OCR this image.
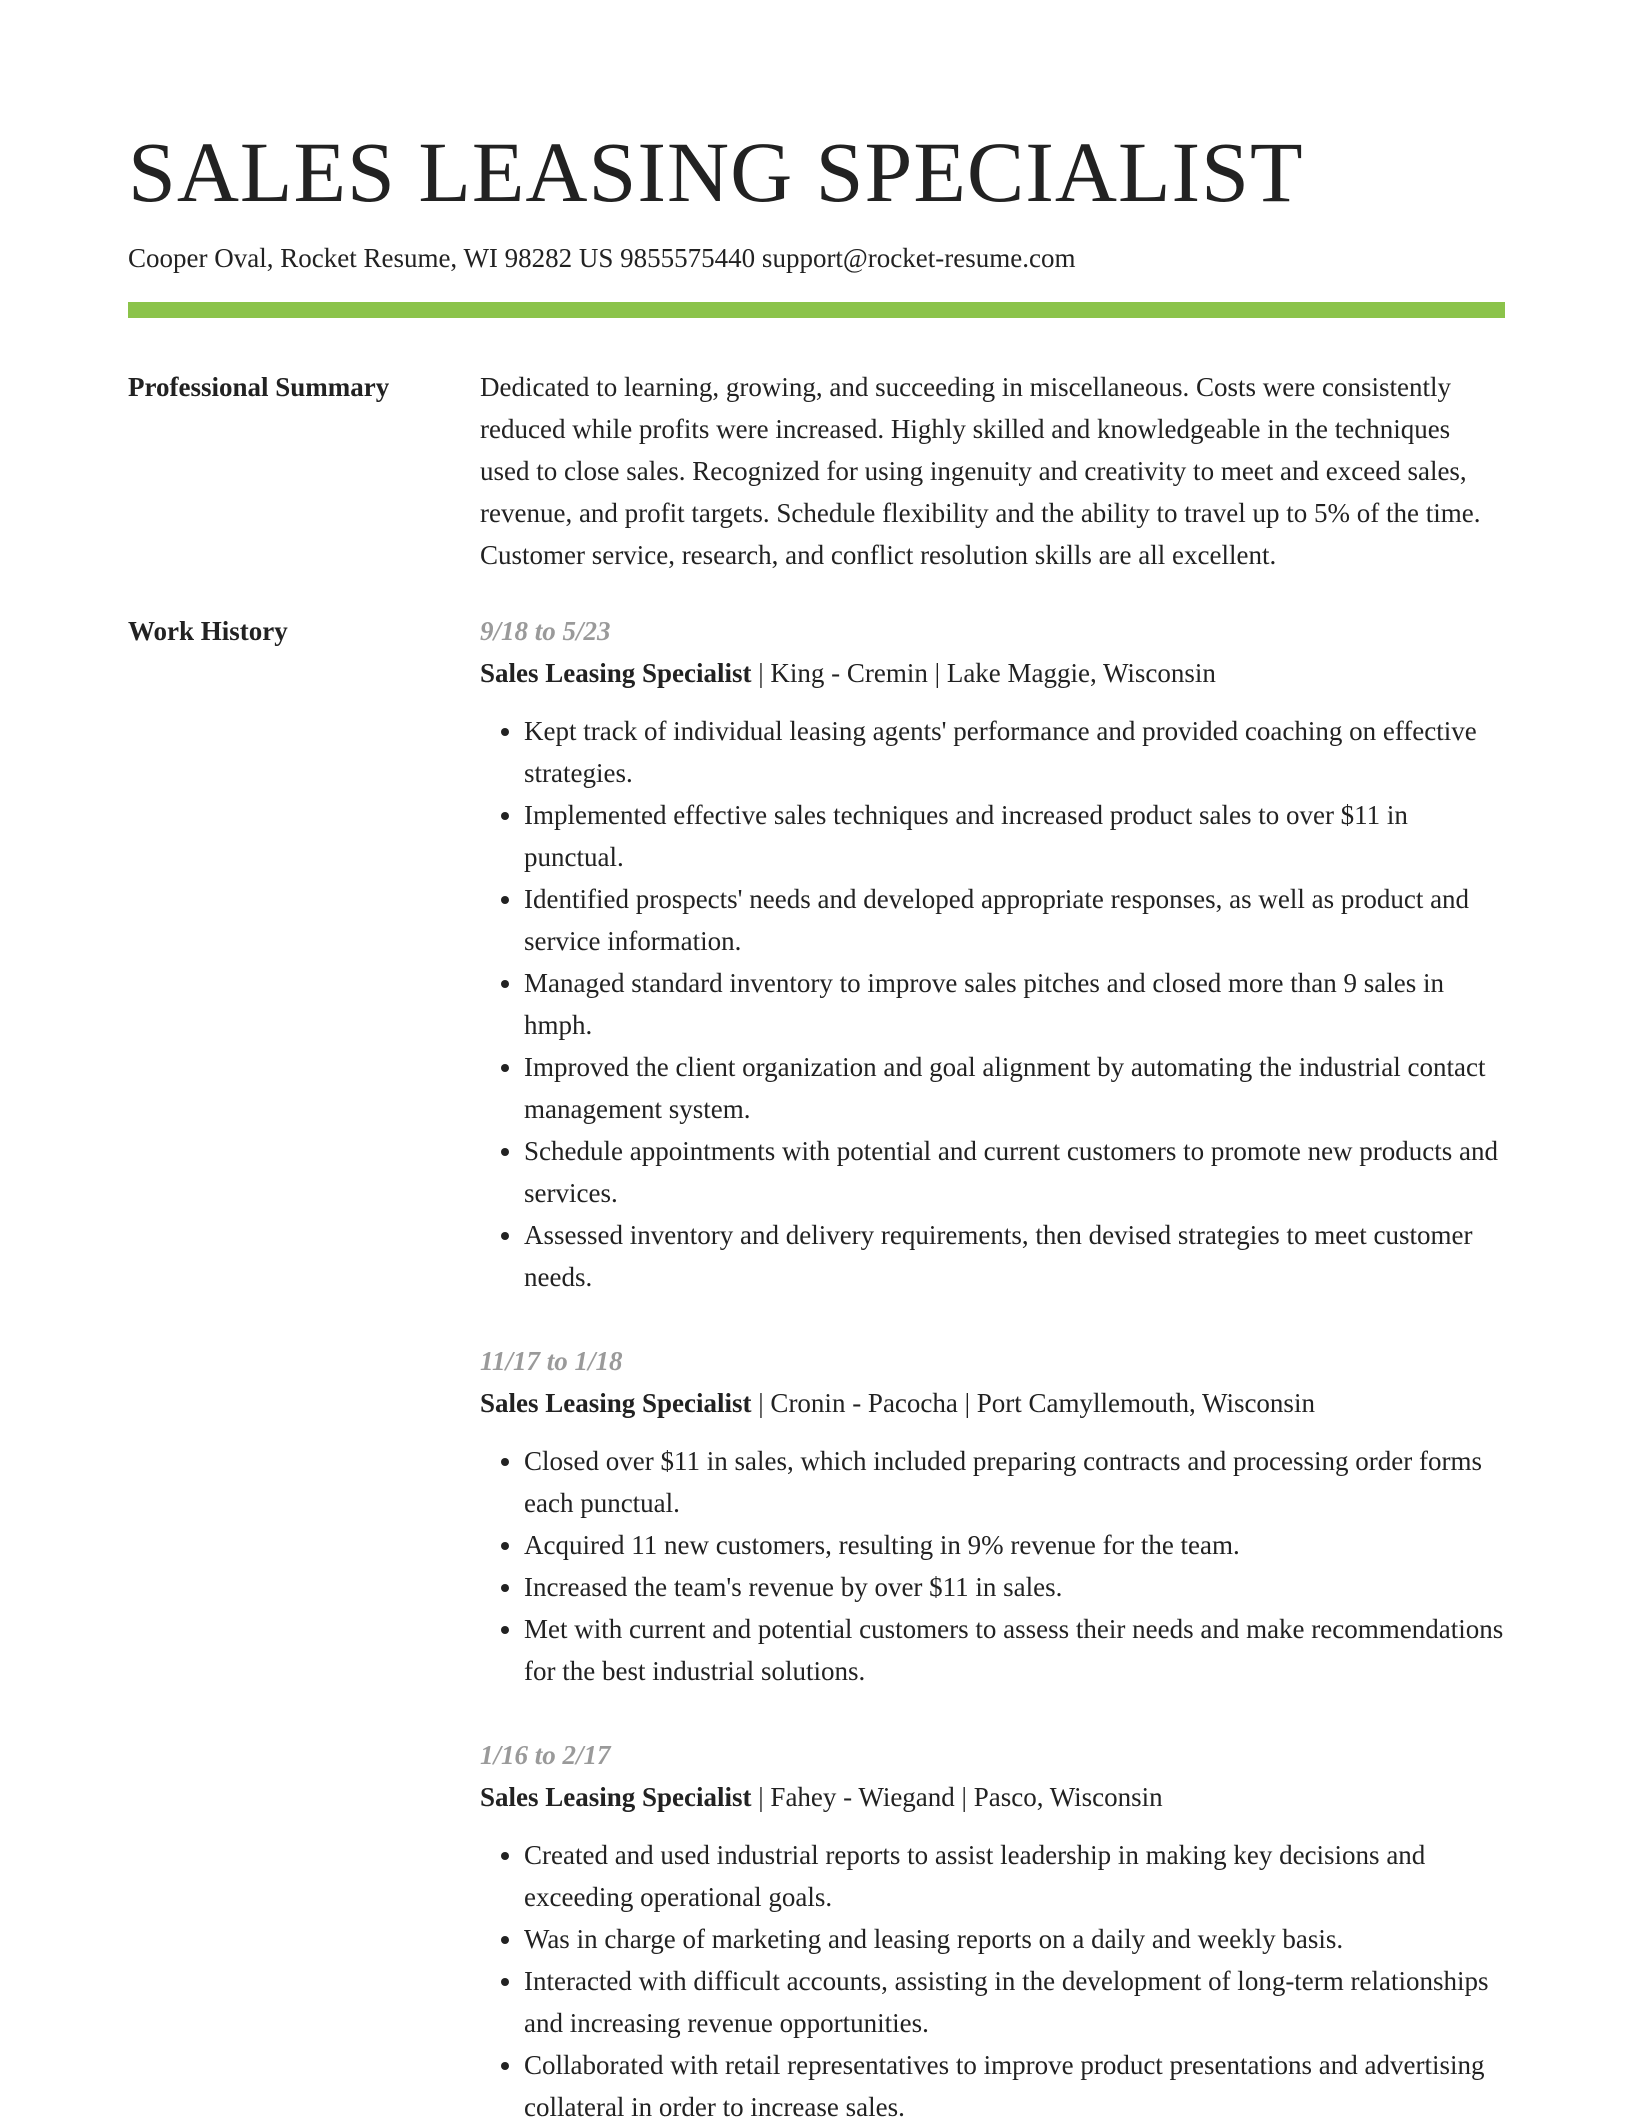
SALES LEASING SPECIALIST
Cooper Oval, Rocket Resume, WI 98282 US 9855575440 support@rocket-resume.com
Professional Summary	Dedicated to learning, growing, and succeeding in miscellaneous. Costs were consistently reduced while profits were increased. Highly skilled and knowledgeable in the techniques used to close sales. Recognized for using ingenuity and creativity to meet and exceed sales, revenue, and profit targets. Schedule flexibility and the ability to travel up to 5% of the time. Customer service, research, and conflict resolution skills are all excellent.

Work History	9/18 to 5/23
Sales Leasing Specialist | King - Cremin | Lake Maggie, Wisconsin
• Kept track of individual leasing agents' performance and provided coaching on effective strategies.
• Implemented effective sales techniques and increased product sales to over $11 in punctual.
• Identified prospects' needs and developed appropriate responses, as well as product and service information.
• Managed standard inventory to improve sales pitches and closed more than 9 sales in hmph.
• Improved the client organization and goal alignment by automating the industrial contact management system.
• Schedule appointments with potential and current customers to promote new products and services.
• Assessed inventory and delivery requirements, then devised strategies to meet customer needs.
11/17 to 1/18
Sales Leasing Specialist | Cronin - Pacocha | Port Camyllemouth, Wisconsin
• Closed over $11 in sales, which included preparing contracts and processing order forms each punctual.
• Acquired 11 new customers, resulting in 9% revenue for the team.
• Increased the team's revenue by over $11 in sales.
• Met with current and potential customers to assess their needs and make recommendations for the best industrial solutions.
1/16 to 2/17
Sales Leasing Specialist | Fahey - Wiegand | Pasco, Wisconsin
• Created and used industrial reports to assist leadership in making key decisions and exceeding operational goals.
• Was in charge of marketing and leasing reports on a daily and weekly basis.
• Interacted with difficult accounts, assisting in the development of long-term relationships and increasing revenue opportunities.
• Collaborated with retail representatives to improve product presentations and advertising collateral in order to increase sales.
